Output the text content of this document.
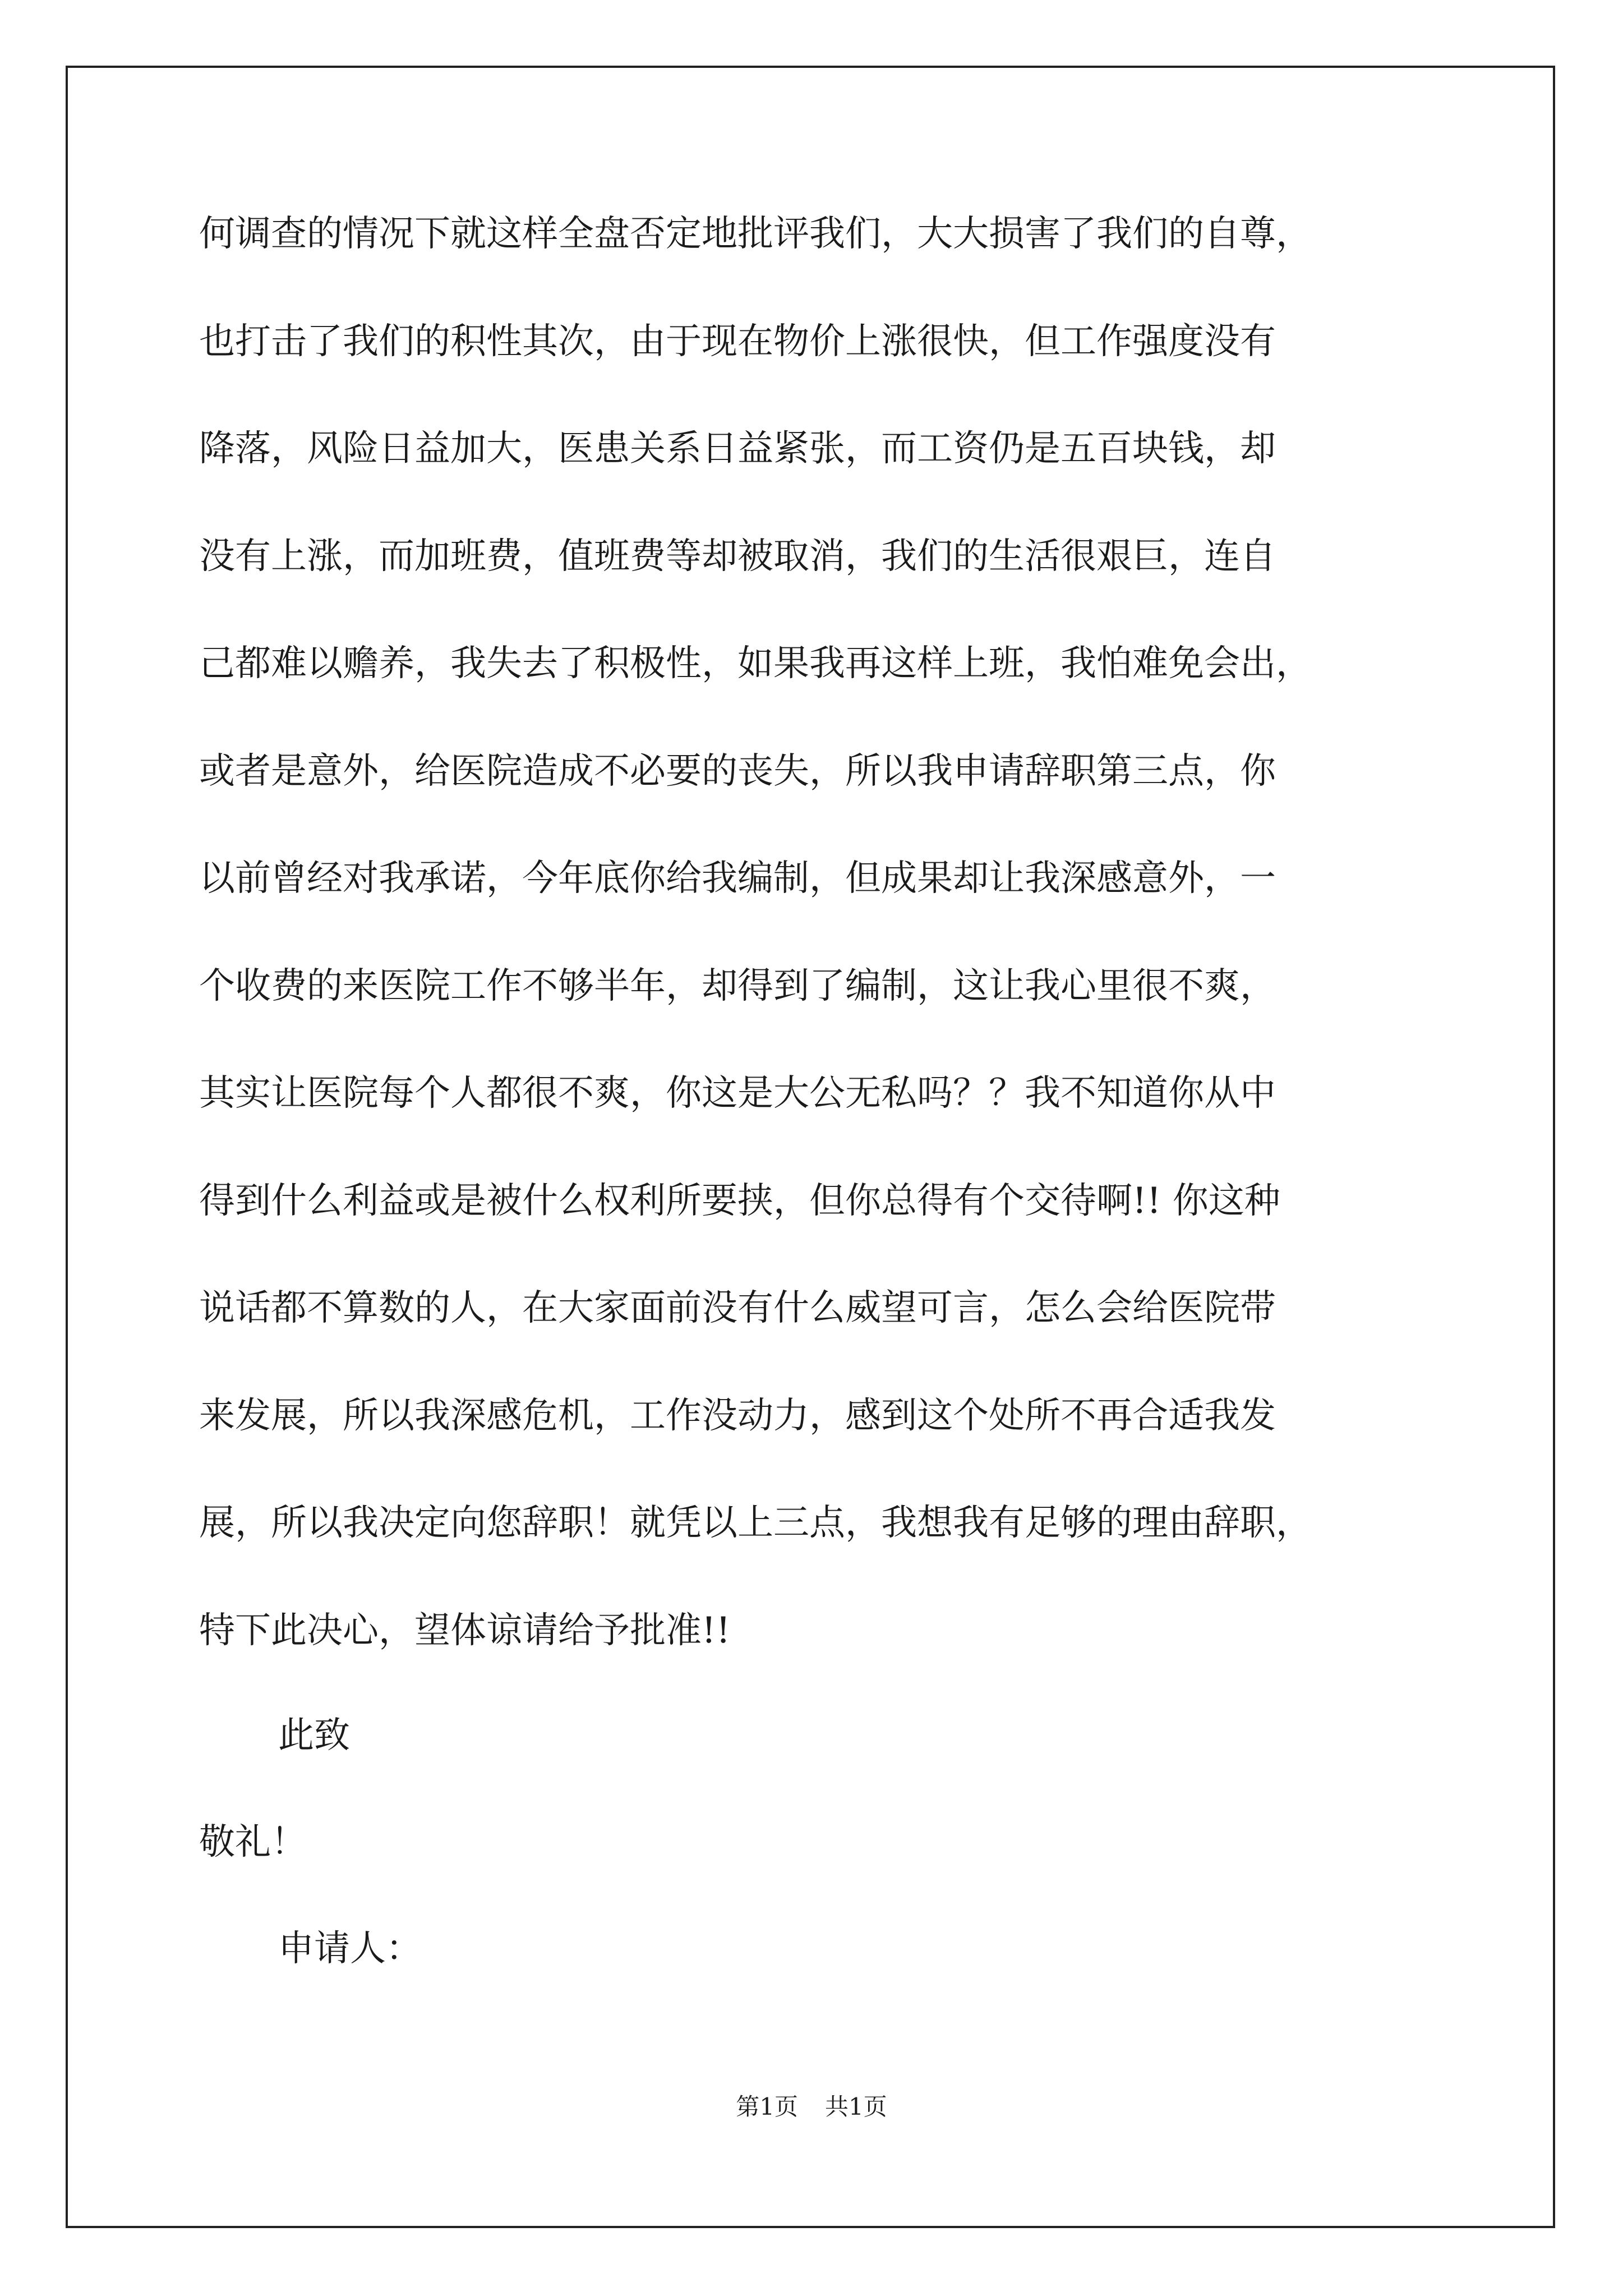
何调查的情况下就这样全盘否定地批评我们，大大损害了我们的自尊，
也打击了我们的积性其次，由于现在物价上涨很快，但工作强度没有
降落，风险日益加大，医患关系日益紧张，而工资仍是五百块钱，却
没有上涨，而加班费，值班费等却被取消，我们的生活很艰巨，连自
己都难以赡养，我失去了积极性，如果我再这样上班，我怕难免会出，
或者是意外，给医院造成不必要的丧失，所以我申请辞职第三点，你
以前曾经对我承诺，今年底你给我编制，但成果却让我深感意外，一
个收费的来医院工作不够半年，却得到了编制，这让我心里很不爽，
其实让医院每个人都很不爽，你这是大公无私吗？？我不知道你从中
得到什么利益或是被什么权利所要挟，但你总得有个交待啊!! 你这种
说话都不算数的人，在大家面前没有什么威望可言，怎么会给医院带
来发展，所以我深感危机，工作没动力，感到这个处所不再合适我发
展，所以我决定向您辞职！就凭以上三点，我想我有足够的理由辞职，
特下此决心，望体谅请给予批准!!
此致
敬礼！
申请人：
第1页 共1页
